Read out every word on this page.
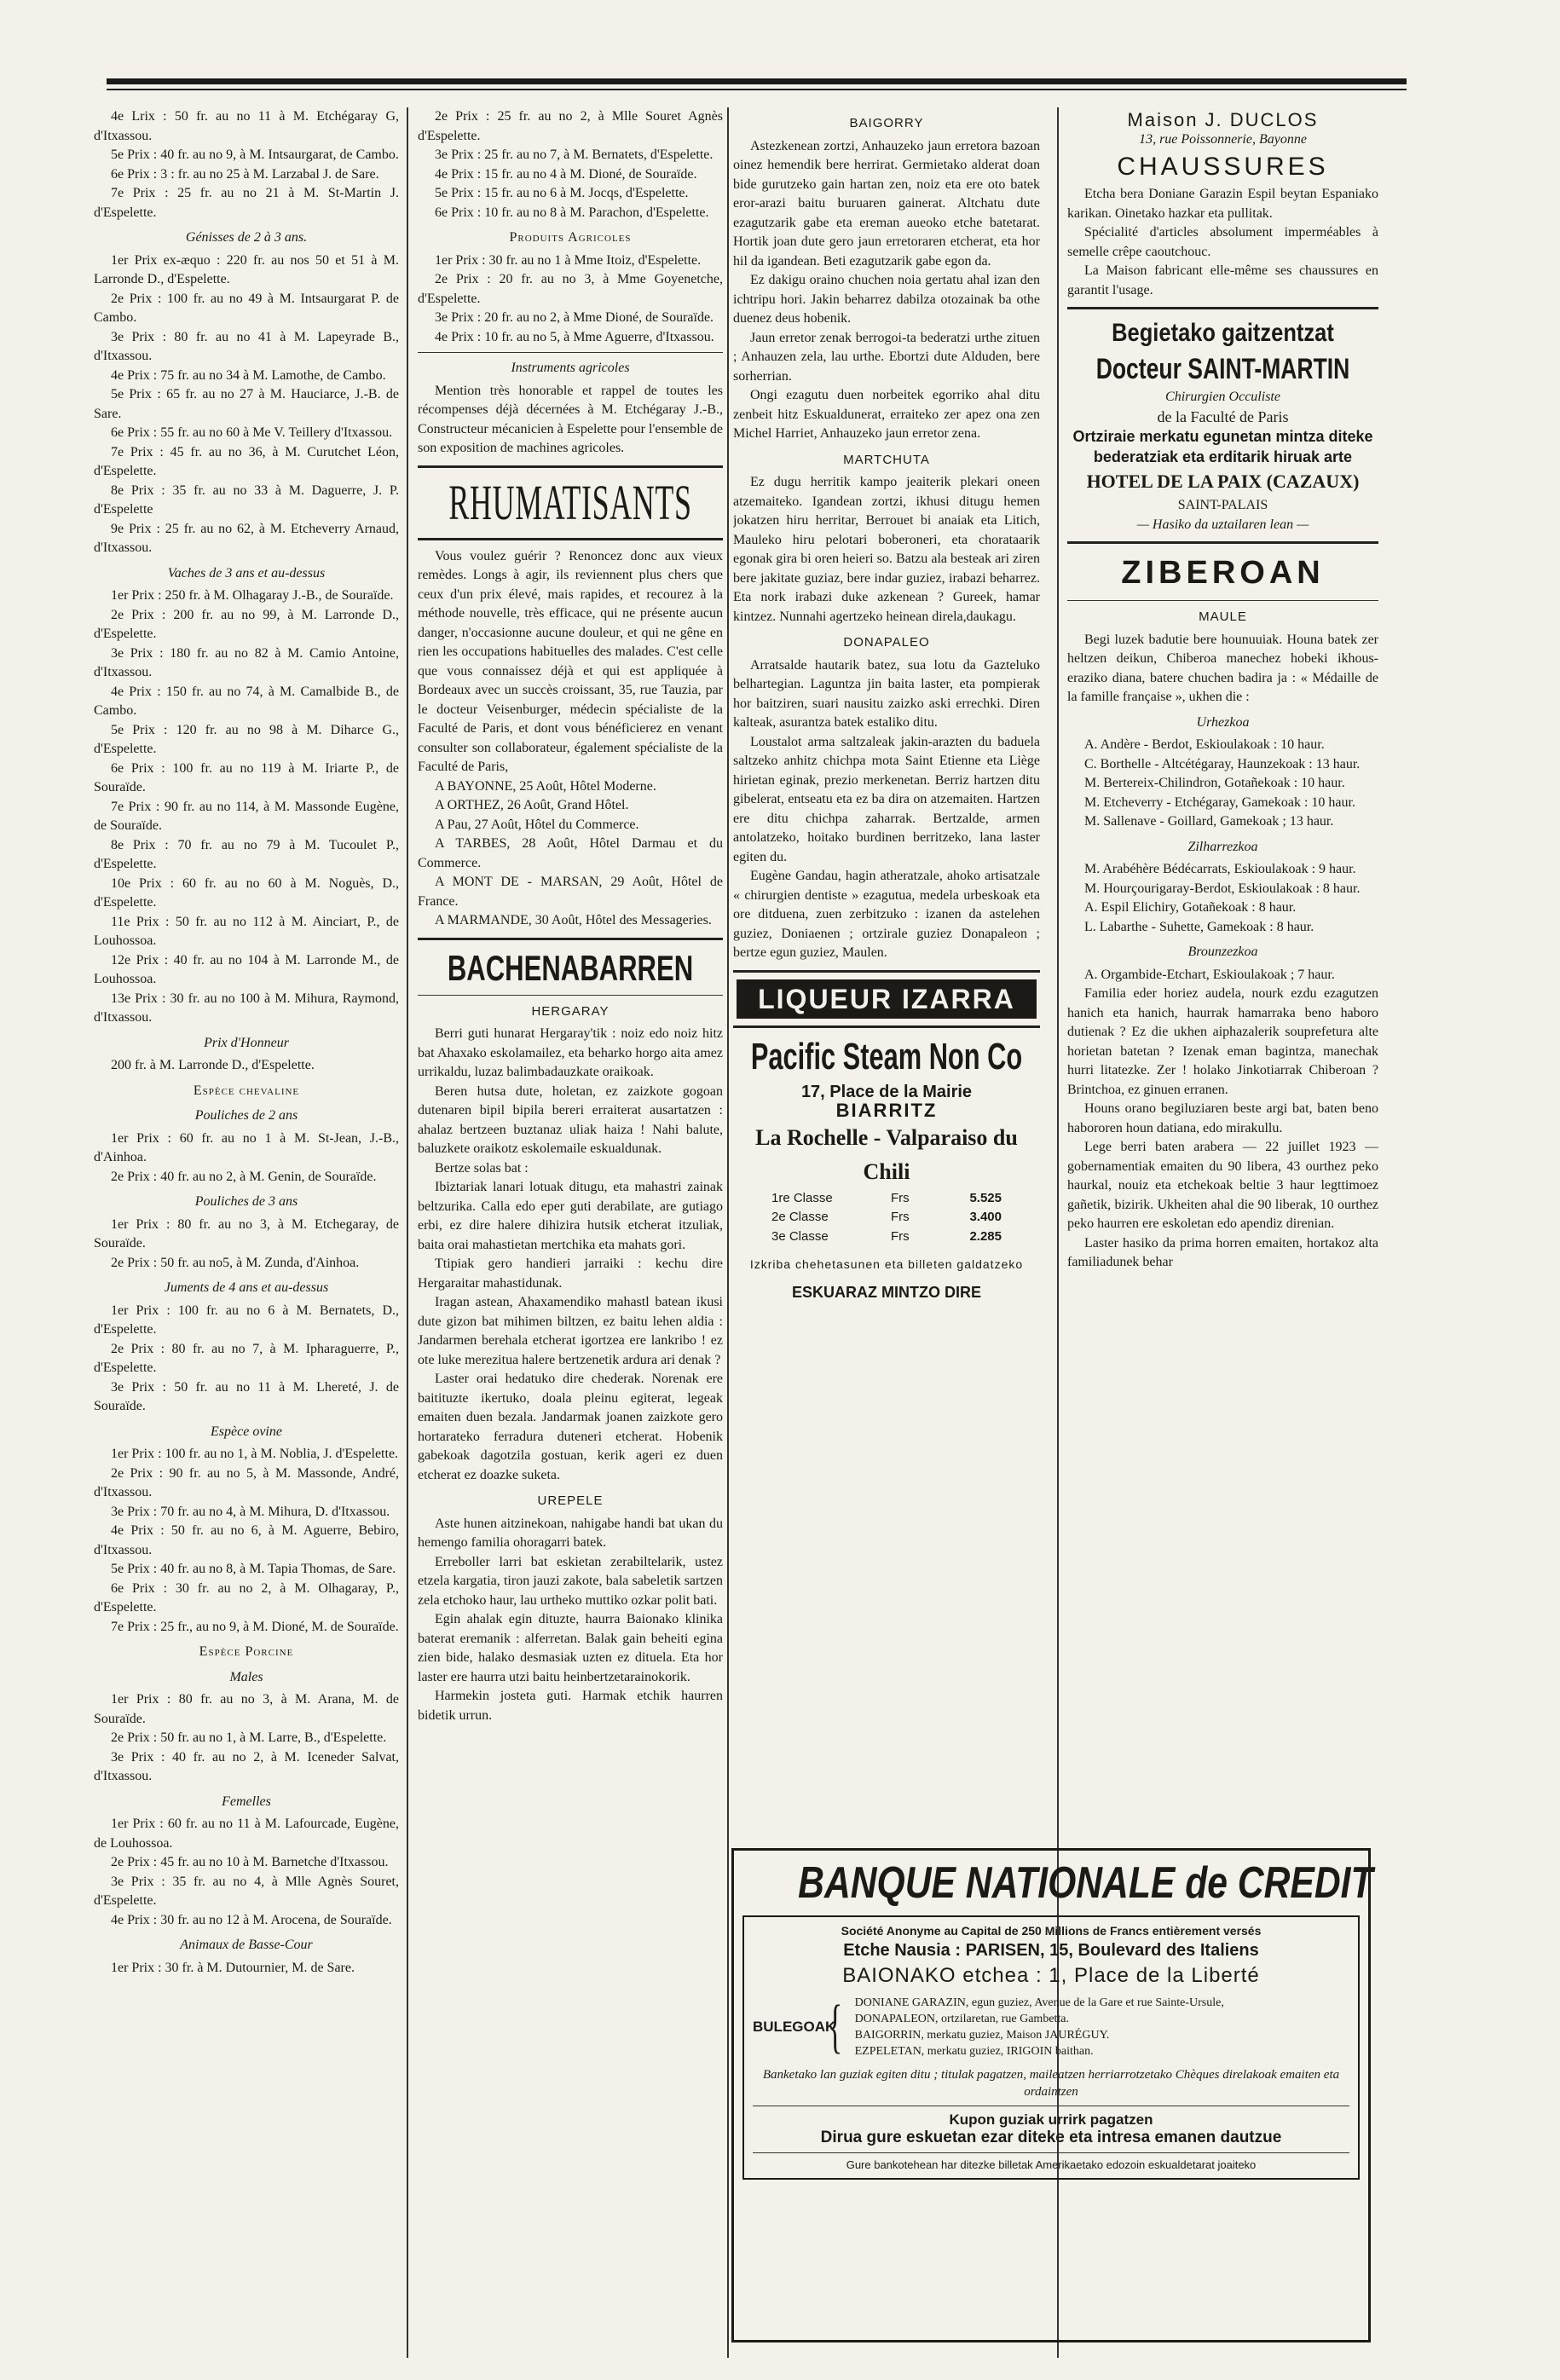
4e Lrix : 50 fr. au no 11 à M. Etchégaray G, d'Itxassou.

5e Prix : 40 fr. au no 9, à M. Intsaurgarat, de Cambo.

6e Prix : 3 : fr. au no 25 à M. Larzabal J. de Sare.

7e Prix : 25 fr. au no 21 à M. St-Martin J. d'Espelette.

Génisses de 2 à 3 ans.

1er Prix ex-æquo : 220 fr. au nos 50 et 51 à M. Larronde D., d'Espelette.

2e Prix : 100 fr. au no 49 à M. Intsaurgarat P. de Cambo.

3e Prix : 80 fr. au no 41 à M. Lapeyrade B., d'Itxassou.

4e Prix : 75 fr. au no 34 à M. Lamothe, de Cambo.

5e Prix : 65 fr. au no 27 à M. Hauciarce, J.-B. de Sare.

6e Prix : 55 fr. au no 60 à Me V. Teillery d'Itxassou.

7e Prix : 45 fr. au no 36, à M. Curutchet Léon, d'Espelette.

8e Prix : 35 fr. au no 33 à M. Daguerre, J. P. d'Espelette

9e Prix : 25 fr. au no 62, à M. Etcheverry Arnaud, d'Itxassou.

Vaches de 3 ans et au-dessus

1er Prix : 250 fr. à M. Olhagaray J.-B., de Souraïde.

2e Prix : 200 fr. au no 99, à M. Larronde D., d'Espelette.

3e Prix : 180 fr. au no 82 à M. Camio Antoine, d'Itxassou.

4e Prix : 150 fr. au no 74, à M. Camalbide B., de Cambo.

5e Prix : 120 fr. au no 98 à M. Diharce G., d'Espelette.

6e Prix : 100 fr. au no 119 à M. Iriarte P., de Souraïde.

7e Prix : 90 fr. au no 114, à M. Massonde Eugène, de Souraïde.

8e Prix : 70 fr. au no 79 à M. Tucoulet P., d'Espelette.

10e Prix : 60 fr. au no 60 à M. Noguès, D., d'Espelette.

11e Prix : 50 fr. au no 112 à M. Ainciart, P., de Louhossoa.

12e Prix : 40 fr. au no 104 à M. Larronde M., de Louhossoa.

13e Prix : 30 fr. au no 100 à M. Mihura, Raymond, d'Itxassou.

Prix d'Honneur

200 fr. à M. Larronde D., d'Espelette.

Espèce chevaline

Pouliches de 2 ans

1er Prix : 60 fr. au no 1 à M. St-Jean, J.-B., d'Ainhoa.

2e Prix : 40 fr. au no 2, à M. Genin, de Souraïde.

Pouliches de 3 ans

1er Prix : 80 fr. au no 3, à M. Etchegaray, de Souraïde.

2e Prix : 50 fr. au no5, à M. Zunda, d'Ainhoa.

Juments de 4 ans et au-dessus

1er Prix : 100 fr. au no 6 à M. Bernatets, D., d'Espelette.

2e Prix : 80 fr. au no 7, à M. Ipharaguerre, P., d'Espelette.

3e Prix : 50 fr. au no 11 à M. Lhereté, J. de Souraïde.

Espèce ovine

1er Prix : 100 fr. au no 1, à M. Noblia, J. d'Espelette.

2e Prix : 90 fr. au no 5, à M. Massonde, André, d'Itxassou.

3e Prix : 70 fr. au no 4, à M. Mihura, D. d'Itxassou.

4e Prix : 50 fr. au no 6, à M. Aguerre, Bebiro, d'Itxassou.

5e Prix : 40 fr. au no 8, à M. Tapia Thomas, de Sare.

6e Prix : 30 fr. au no 2, à M. Olhagaray, P., d'Espelette.

7e Prix : 25 fr., au no 9, à M. Dioné, M. de Souraïde.

Espèce Porcine

Males

1er Prix : 80 fr. au no 3, à M. Arana, M. de Souraïde.

2e Prix : 50 fr. au no 1, à M. Larre, B., d'Espelette.

3e Prix : 40 fr. au no 2, à M. Iceneder Salvat, d'Itxassou.

Femelles

1er Prix : 60 fr. au no 11 à M. Lafourcade, Eugène, de Louhossoa.

2e Prix : 45 fr. au no 10 à M. Barnetche d'Itxassou.

3e Prix : 35 fr. au no 4, à Mlle Agnès Souret, d'Espelette.

4e Prix : 30 fr. au no 12 à M. Arocena, de Souraïde.

Animaux de Basse-Cour

1er Prix : 30 fr. à M. Dutournier, M. de Sare.

2e Prix : 25 fr. au no 2, à Mlle Souret Agnès d'Espelette.

3e Prix : 25 fr. au no 7, à M. Bernatets, d'Espelette.

4e Prix : 15 fr. au no 4 à M. Dioné, de Souraïde.

5e Prix : 15 fr. au no 6 à M. Jocqs, d'Espelette.

6e Prix : 10 fr. au no 8 à M. Parachon, d'Espelette.

Produits Agricoles

1er Prix : 30 fr. au no 1 à Mme Itoiz, d'Espelette.

2e Prix : 20 fr. au no 3, à Mme Goyenetche, d'Espelette.

3e Prix : 20 fr. au no 2, à Mme Dioné, de Souraïde.

4e Prix : 10 fr. au no 5, à Mme Aguerre, d'Itxassou.

Instruments agricoles

Mention très honorable et rappel de toutes les récompenses déjà décernées à M. Etchégaray J.-B., Constructeur mécanicien à Espelette pour l'ensemble de son exposition de machines agricoles.

RHUMATISANTS

Vous voulez guérir ? Renoncez donc aux vieux remèdes. Longs à agir, ils reviennent plus chers que ceux d'un prix élevé, mais rapides, et recourez à la méthode nouvelle, très efficace, qui ne présente aucun danger, n'occasionne aucune douleur, et qui ne gêne en rien les occupations habituelles des malades. C'est celle que vous connaissez déjà et qui est appliquée à Bordeaux avec un succès croissant, 35, rue Tauzia, par le docteur Veisenburger, médecin spécialiste de la Faculté de Paris, et dont vous bénéficierez en venant consulter son collaborateur, également spécialiste de la Faculté de Paris,

A BAYONNE, 25 Août, Hôtel Moderne.

A ORTHEZ, 26 Août, Grand Hôtel.

A Pau, 27 Août, Hôtel du Commerce.

A TARBES, 28 Août, Hôtel Darmau et du Commerce.

A MONT DE - MARSAN, 29 Août, Hôtel de France.

A MARMANDE, 30 Août, Hôtel des Messageries.

BACHENABARREN

HERGARAY

Berri guti hunarat Hergaray'tik : noiz edo noiz hitz bat Ahaxako eskolamailez, eta beharko horgo aita amez urrikaldu, luzaz balimbadauzkate oraikoak.

Beren hutsa dute, holetan, ez zaizkote gogoan dutenaren bipil bipila bereri erraiterat ausartatzen : ahalaz bertzeen buztanaz uliak haiza ! Nahi balute, baluzkete oraikotz eskolemaile eskualdunak.

Bertze solas bat :

Ibiztariak lanari lotuak ditugu, eta mahastri zainak beltzurika. Calla edo eper guti derabilate, are gutiago erbi, ez dire halere dihizira hutsik etcherat itzuliak, baita orai mahastietan mertchika eta mahats gori.

Ttipiak gero handieri jarraiki : kechu dire Hergaraitar mahastidunak.

Iragan astean, Ahaxamendiko mahastl batean ikusi dute gizon bat mihimen biltzen, ez baitu lehen aldia : Jandarmen berehala etcherat igortzea ere lankribo ! ez ote luke merezitua halere bertzenetik ardura ari denak ?

Laster orai hedatuko dire chederak. Norenak ere baitituzte ikertuko, doala pleinu egiterat, legeak emaiten duen bezala. Jandarmak joanen zaizkote gero hortarateko ferradura duteneri etcherat. Hobenik gabekoak dagotzila gostuan, kerik ageri ez duen etcherat ez doazke suketa.

UREPELE

Aste hunen aitzinekoan, nahigabe handi bat ukan du hemengo familia ohoragarri batek.

Erreboller larri bat eskietan zerabiltelarik, ustez etzela kargatia, tiron jauzi zakote, bala sabeletik sartzen zela etchoko haur, lau urtheko muttiko ozkar polit bati.

Egin ahalak egin dituzte, haurra Baionako klinika baterat eremanik : alferretan. Balak gain beheiti egina zien bide, halako desmasiak uzten ez dituela. Eta hor laster ere haurra utzi baitu heinbertzetarainokorik.

Harmekin josteta guti. Harmak etchik haurren bidetik urrun.

BAIGORRY

Astezkenean zortzi, Anhauzeko jaun erretora bazoan oinez hemendik bere herrirat. Germietako alderat doan bide gurutzeko gain hartan zen, noiz eta ere oto batek eror-arazi baitu buruaren gainerat. Altchatu dute ezagutzarik gabe eta ereman aueoko etche batetarat. Hortik joan dute gero jaun erretoraren etcherat, eta hor hil da igandean. Beti ezagutzarik gabe egon da.

Ez dakigu oraino chuchen noia gertatu ahal izan den ichtripu hori. Jakin beharrez dabilza otozainak ba othe duenez deus hobenik.

Jaun erretor zenak berrogoi-ta bederatzi urthe zituen ; Anhauzen zela, lau urthe. Ebortzi dute Alduden, bere sorherrian.

Ongi ezagutu duen norbeitek egorriko ahal ditu zenbeit hitz Eskualdunerat, erraiteko zer apez ona zen Michel Harriet, Anhauzeko jaun erretor zena.

MARTCHUTA

Ez dugu herritik kampo jeaiterik plekari oneen atzemaiteko. Igandean zortzi, ikhusi ditugu hemen jokatzen hiru herritar, Berrouet bi anaiak eta Litich, Mauleko hiru pelotari boberoneri, eta chorataarik egonak gira bi oren heieri so. Batzu ala besteak ari ziren bere jakitate guziaz, bere indar guziez, irabazi beharrez. Eta nork irabazi duke azkenean ? Gureek, hamar kintzez. Nunnahi agertzeko heinean direla,daukagu.

DONAPALEO

Arratsalde hautarik batez, sua lotu da Gazteluko belhartegian. Laguntza jin baita laster, eta pompierak hor baitziren, suari nausitu zaizko aski errechki. Diren kalteak, asurantza batek estaliko ditu.

Loustalot arma saltzaleak jakin-arazten du baduela saltzeko anhitz chichpa mota Saint Etienne eta Liège hirietan eginak, prezio merkenetan. Berriz hartzen ditu gibelerat, entseatu eta ez ba dira on atzemaiten. Hartzen ere ditu chichpa zaharrak. Bertzalde, armen antolatzeko, hoitako burdinen berritzeko, lana laster egiten du.

Eugène Gandau, hagin atheratzale, ahoko artisatzale « chirurgien dentiste » ezagutua, medela urbeskoak eta ore ditduena, zuen zerbitzuko : izanen da astelehen guziez, Doniaenen ; ortzirale guziez Donapaleon ; bertze egun guziez, Maulen.

LIQUEUR IZARRA
Pacific Steam Non Co

17, Place de la Mairie

BIARRITZ

La Rochelle - Valparaiso du Chili

1re Classe	Frs	5.525
2e Classe	Frs	3.400
3e Classe	Frs	2.285

Izkriba chehetasunen eta billeten galdatzeko

ESKUARAZ MINTZO DIRE

Maison J. DUCLOS

13, rue Poissonnerie, Bayonne

CHAUSSURES

Etcha bera Doniane Garazin Espil beytan Espaniako karikan. Oinetako hazkar eta pullitak.

Spécialité d'articles absolument imperméables à semelle crêpe caoutchouc.

La Maison fabricant elle-même ses chaussures en garantit l'usage.

Begietako gaitzentzat

Docteur SAINT-MARTIN

Chirurgien Occuliste

de la Faculté de Paris

Ortziraie merkatu egunetan mintza diteke bederatziak eta erditarik hiruak arte

HOTEL DE LA PAIX (CAZAUX)

SAINT-PALAIS

— Hasiko da uztailaren lean —

ZIBEROAN

MAULE

Begi luzek badutie bere hounuuiak. Houna batek zer heltzen deikun, Chiberoa manechez hobeki ikhous-eraziko diana, batere chuchen badira ja : « Médaille de la famille française », ukhen die :

Urhezkoa

A. Andère - Berdot, Eskioulakoak : 10 haur.

C. Borthelle - Altcétégaray, Haunzekoak : 13 haur.

M. Bertereix-Chilindron, Gotañekoak : 10 haur.

M. Etcheverry - Etchégaray, Gamekoak : 10 haur.

M. Sallenave - Goillard, Gamekoak ; 13 haur.

Zilharrezkoa

M. Arabéhère Bédécarrats, Eskioulakoak : 9 haur.

M. Hourçourigaray-Berdot, Eskioulakoak : 8 haur.

A. Espil Elichiry, Gotañekoak : 8 haur.

L. Labarthe - Suhette, Gamekoak : 8 haur.

Brounzezkoa

A. Orgambide-Etchart, Eskioulakoak ; 7 haur.

Familia eder horiez audela, nourk ezdu ezagutzen hanich eta hanich, haurrak hamarraka beno haboro dutienak ? Ez die ukhen aiphazalerik souprefetura alte horietan batetan ? Izenak eman bagintza, manechak hurri litatezke. Zer ! holako Jinkotiarrak Chiberoan ? Brintchoa, ez ginuen erranen.

Houns orano begiluziaren beste argi bat, baten beno habororen houn datiana, edo mirakullu.

Lege berri baten arabera — 22 juillet 1923 — gobernamentiak emaiten du 90 libera, 43 ourthez peko haurkal, nouiz eta etchekoak beltie 3 haur legttimoez gañetik, bizirik. Ukheiten ahal die 90 liberak, 10 ourthez peko haurren ere eskoletan edo apendiz direnian.

Laster hasiko da prima horren emaiten, hortakoz alta familiadunek behar

BANQUE NATIONALE de CREDIT

Société Anonyme au Capital de 250 Millions de Francs entièrement versés

Etche Nausia : PARISEN, 15, Boulevard des Italiens

BAIONAKO etchea : 1, Place de la Liberté

BULEGOAK
{ DONIANE GARAZIN, egun guziez, Avenue de la Gare et rue Sainte-Ursule,
DONAPALEON, ortzilaretan, rue Gambetta.
BAIGORRIN, merkatu guziez, Maison JAURÉGUY.
EZPELETAN, merkatu guziez, IRIGOIN baithan.

Banketako lan guziak egiten ditu ; titulak pagatzen, maileatzen herriarrotzetako Chèques direlakoak emaiten eta ordaintzen

Kupon guziak urrirk pagatzen

Dirua gure eskuetan ezar diteke eta intresa emanen dautzue

Gure bankotehean har ditezke billetak Amerikaetako edozoin eskualdetarat joaiteko
